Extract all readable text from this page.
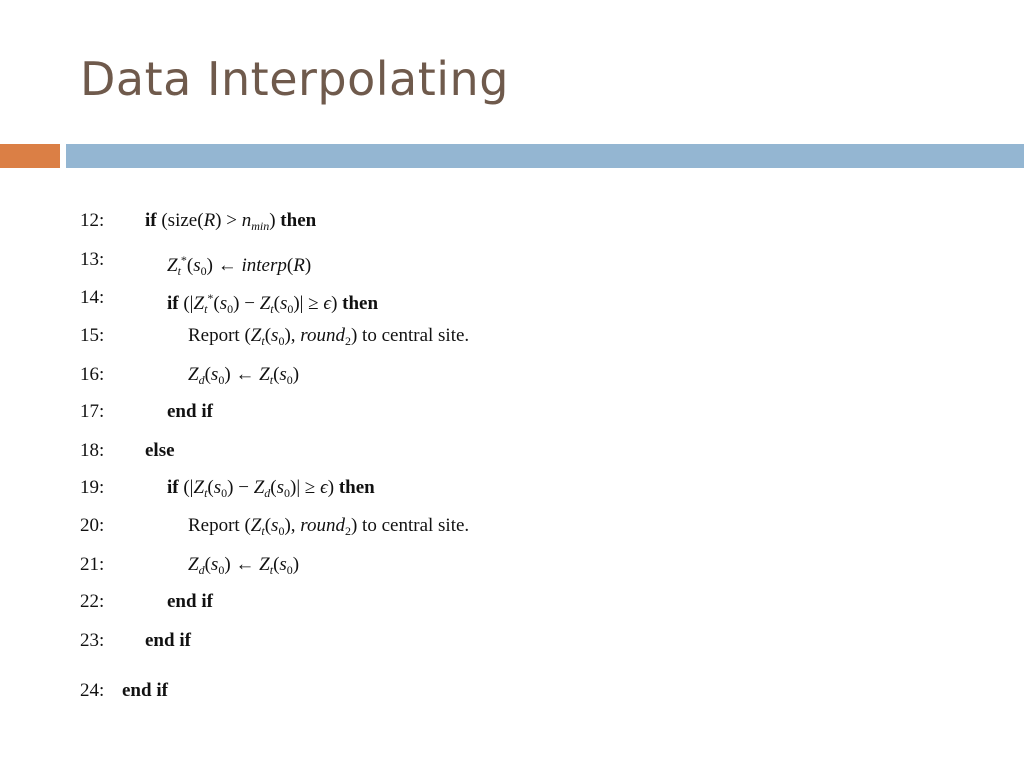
Data Interpolating
12: if (size(R) > $n_{min}$) then
13:	$Z_t^*(s_0)$ ← interp(R)
14:	if $(|Z_t^*(s_0) - Z_t(s_0)| \ge \epsilon)$ then
15:	Report ($Z_t(s_0)$, round$_2$) to central site.
16:	$Z_d(s_0)$ ← $Z_t(s_0)$
17:	end if
18: else
19:	if $(|Z_t(s_0) - Z_d(s_0)| \ge \epsilon)$ then
20:	Report ($Z_t(s_0)$, round$_2$) to central site.
21:	$Z_d(s_0)$ ← $Z_t(s_0)$
22:	end if
23: end if
24: end if
